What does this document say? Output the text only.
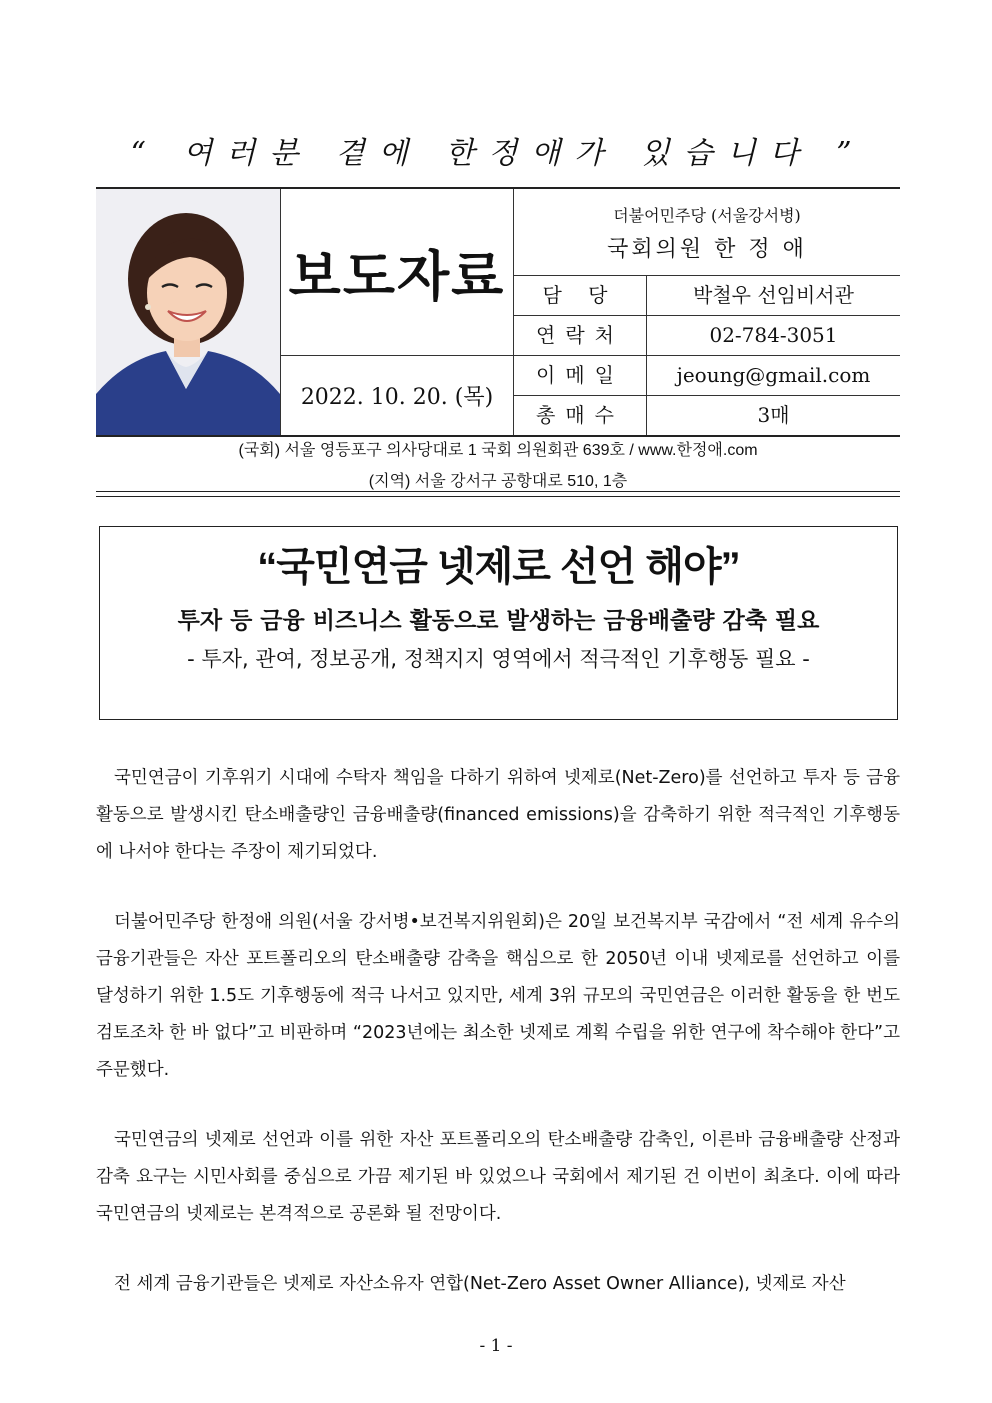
“ 여러분 곁에 한정애가 있습니다 ”
보도자료
2022. 10. 20. (목)
더불어민주당 (서울강서병)
국회의원 한 정 애
담 당	박철우 선임비서관
연락처	02-784-3051
이메일	jeoung@gmail.com
총매수	3매
(국회) 서울 영등포구 의사당대로 1 국회 의원회관 639호 / www.한정애.com
(지역) 서울 강서구 공항대로 510, 1층
“국민연금 넷제로 선언 해야”
투자 등 금융 비즈니스 활동으로 발생하는 금융배출량 감축 필요
- 투자, 관여, 정보공개, 정책지지 영역에서 적극적인 기후행동 필요 -

국민연금이 기후위기 시대에 수탁자 책임을 다하기 위하여 넷제로(Net-Zero)를 선언하고 투자 등 금융활동으로 발생시킨 탄소배출량인 금융배출량(financed emissions)을 감축하기 위한 적극적인 기후행동에 나서야 한다는 주장이 제기되었다.

더불어민주당 한정애 의원(서울 강서병•보건복지위원회)은 20일 보건복지부 국감에서 “전 세계 유수의 금융기관들은 자산 포트폴리오의 탄소배출량 감축을 핵심으로 한 2050년 이내 넷제로를 선언하고 이를 달성하기 위한 1.5도 기후행동에 적극 나서고 있지만, 세계 3위 규모의 국민연금은 이러한 활동을 한 번도 검토조차 한 바 없다”고 비판하며 “2023년에는 최소한 넷제로 계획 수립을 위한 연구에 착수해야 한다”고 주문했다.

국민연금의 넷제로 선언과 이를 위한 자산 포트폴리오의 탄소배출량 감축인, 이른바 금융배출량 산정과 감축 요구는 시민사회를 중심으로 가끔 제기된 바 있었으나 국회에서 제기된 건 이번이 최초다. 이에 따라 국민연금의 넷제로는 본격적으로 공론화 될 전망이다.

전 세계 금융기관들은 넷제로 자산소유자 연합(Net-Zero Asset Owner Alliance), 넷제로 자산

- 1 -
